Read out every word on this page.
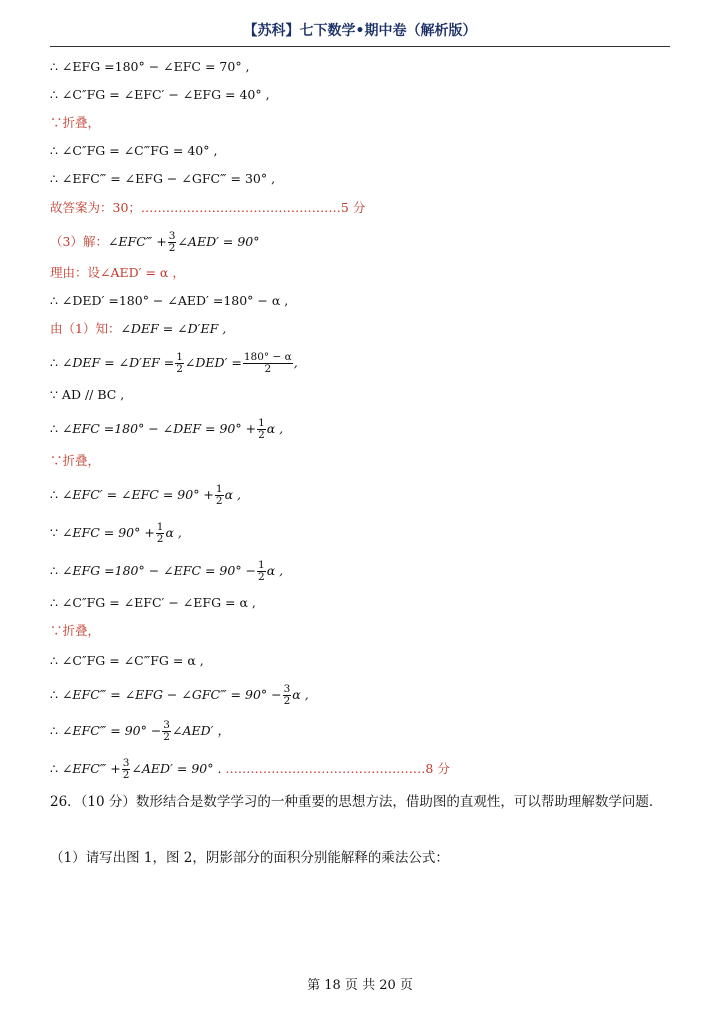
【苏科】七下数学•期中卷（解析版）
∴ ∠EFG =180° − ∠EFC = 70° ,
∴ ∠C″FG = ∠EFC′ − ∠EFG = 40° ,
∵折叠，
∴ ∠C″FG = ∠C‴FG = 40° ,
∴ ∠EFC‴ = ∠EFG − ∠GFC‴ = 30° ,
故答案为：30；…………………………………………5 分
（3）解：∠EFC‴ + $\frac{3}{2}$ ∠AED′ = 90°
理由：设∠AED′ = α ，
∴ ∠DED′ =180° − ∠AED′ =180° − α ,
由（1）知：∠DEF = ∠D′EF ,
∴ ∠DEF = ∠D′EF = $\frac{1}{2}$ ∠DED′ = $\frac{180^\circ - \alpha}{2}$ ,
∵ AD // BC ,
∴ ∠EFC =180° − ∠DEF = $90^\circ + \frac{1}{2}$ α ,
∵折叠，
∴ ∠EFC′ = ∠EFC = $90^\circ + \frac{1}{2}$ α ,
∵ ∠EFC = $90^\circ + \frac{1}{2}$ α ,
∴ ∠EFG =180° − ∠EFC = $90^\circ - \frac{1}{2}$ α ,
∴ ∠C″FG = ∠EFC′ − ∠EFG = α ,
∵折叠，
∴ ∠C″FG = ∠C‴FG = α ,
∴ ∠EFC‴ = ∠EFG − ∠GFC‴ = $90^\circ - \frac{3}{2}$ α ,
∴ ∠EFC‴ = $90^\circ - \frac{3}{2}$ ∠AED′ ，
∴ ∠EFC‴ + $\frac{3}{2}$ ∠AED′ = 90° . …………………………………………8 分
26．（10 分）数形结合是数学学习的一种重要的思想方法，借助图的直观性，可以帮助理解数学问题．
（1）请写出图 1，图 2，阴影部分的面积分别能解释的乘法公式：
第 18 页 共 20 页
